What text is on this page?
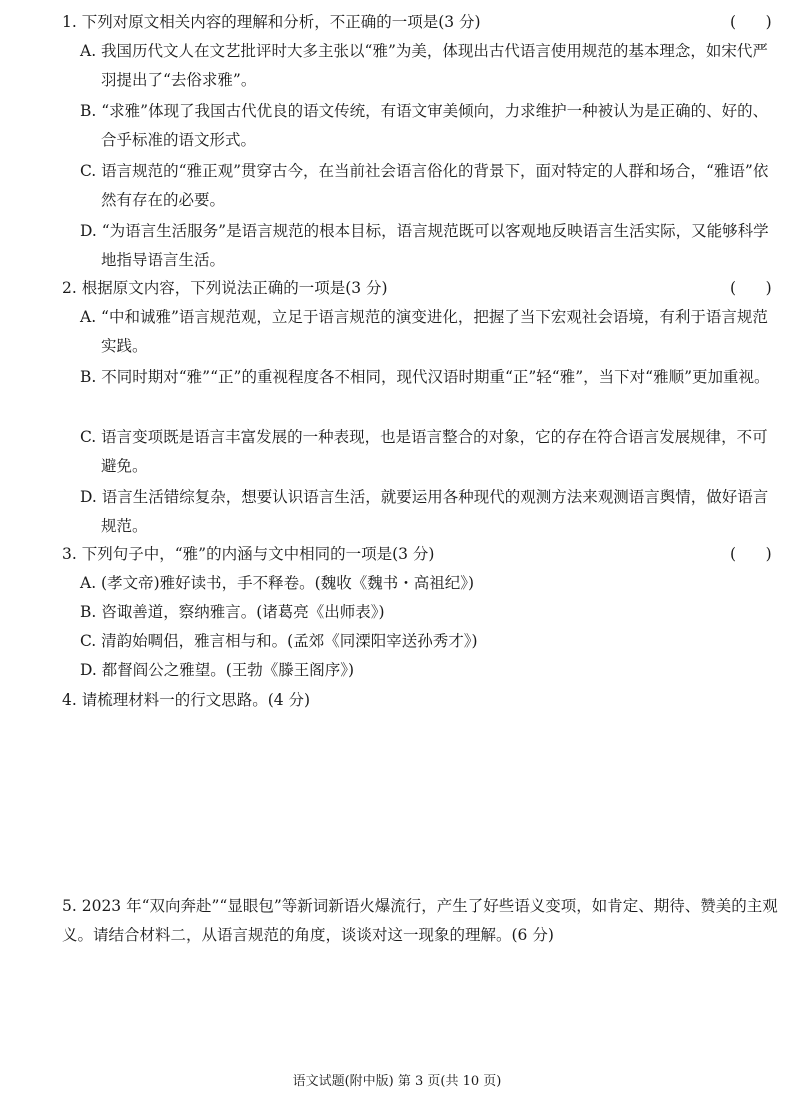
1. 下列对原文相关内容的理解和分析，不正确的一项是(3 分)	(      )
A. 我国历代文人在文艺批评时大多主张以“雅”为美，体现出古代语言使用规范的基本理念，如宋代严羽提出了“去俗求雅”。
B. “求雅”体现了我国古代优良的语文传统，有语文审美倾向，力求维护一种被认为是正确的、好的、合乎标准的语文形式。
C. 语言规范的“雅正观”贯穿古今，在当前社会语言俗化的背景下，面对特定的人群和场合，“雅语”依然有存在的必要。
D. “为语言生活服务”是语言规范的根本目标，语言规范既可以客观地反映语言生活实际，又能够科学地指导语言生活。
2. 根据原文内容，下列说法正确的一项是(3 分)	(      )
A. “中和诚雅”语言规范观，立足于语言规范的演变进化，把握了当下宏观社会语境，有利于语言规范实践。
B. 不同时期对“雅”“正”的重视程度各不相同，现代汉语时期重“正”轻“雅”，当下对“雅顺”更加重视。
C. 语言变项既是语言丰富发展的一种表现，也是语言整合的对象，它的存在符合语言发展规律，不可避免。
D. 语言生活错综复杂，想要认识语言生活，就要运用各种现代的观测方法来观测语言舆情，做好语言规范。
3. 下列句子中，“雅”的内涵与文中相同的一项是(3 分)	(      )
A. (孝文帝)雅好读书，手不释卷。(魏收《魏书・高祖纪》)
B. 咨诹善道，察纳雅言。(诸葛亮《出师表》)
C. 清韵始啁侣，雅言相与和。(孟郊《同溧阳宰送孙秀才》)
D. 都督阎公之雅望。(王勃《滕王阁序》)
4. 请梳理材料一的行文思路。(4 分)
5. 2023 年“双向奔赴”“显眼包”等新词新语火爆流行，产生了好些语义变项，如肯定、期待、赞美的主观义。请结合材料二，从语言规范的角度，谈谈对这一现象的理解。(6 分)
语文试题(附中版) 第 3 页(共 10 页)
